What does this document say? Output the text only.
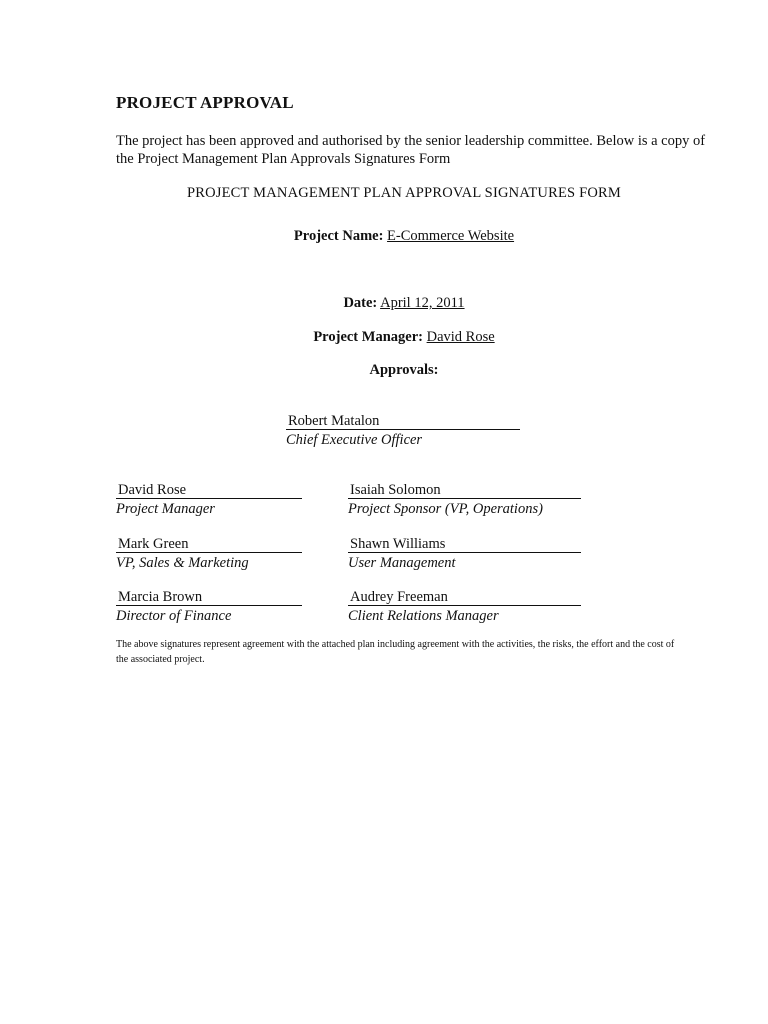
PROJECT APPROVAL
The project has been approved and authorised by the senior leadership committee. Below is a copy of the Project Management Plan Approvals Signatures Form
PROJECT MANAGEMENT PLAN APPROVAL SIGNATURES FORM
Project Name: E-Commerce Website
Date: April 12, 2011
Project Manager: David Rose
Approvals:
Robert Matalon
Chief Executive Officer
David Rose
Project Manager
Isaiah Solomon
Project Sponsor (VP, Operations)
Mark Green
VP, Sales & Marketing
Shawn Williams
User Management
Marcia Brown
Director of Finance
Audrey Freeman
Client Relations Manager
The above signatures represent agreement with the attached plan including agreement with the activities, the risks, the effort and the cost of the associated project.
